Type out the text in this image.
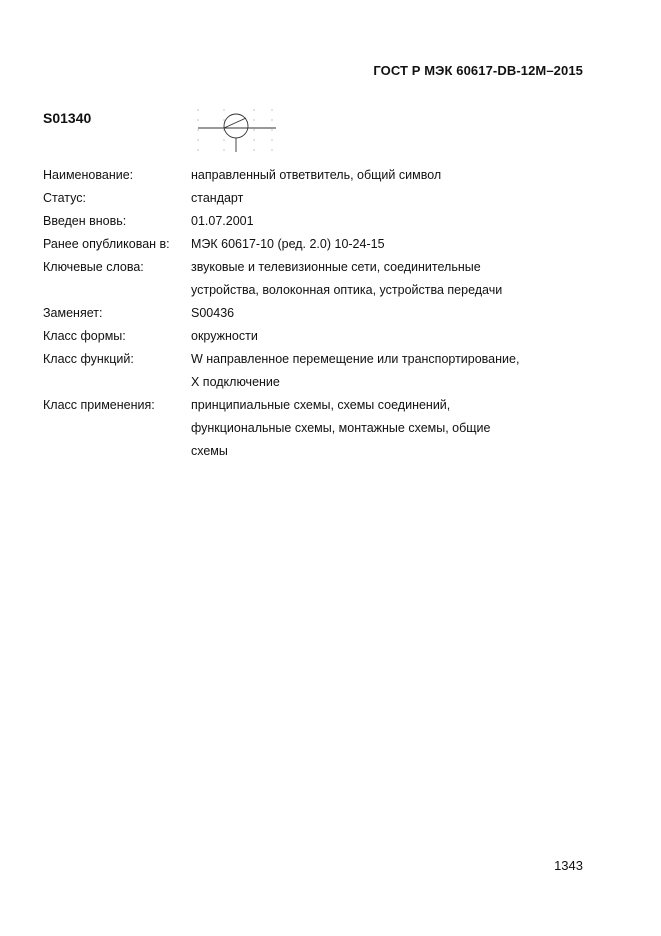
ГОСТ Р МЭК 60617-DB-12M–2015
S01340
Наименование:	направленный ответвитель, общий символ
Статус:	стандарт
Введен вновь:	01.07.2001
Ранее опубликован в:	МЭК 60617-10 (ред. 2.0) 10-24-15
Ключевые слова:	звуковые и телевизионные сети, соединительные
устройства, волоконная оптика, устройства передачи
Заменяет:	S00436
Класс формы:	окружности
Класс функций:	W направленное перемещение или транспортирование,
X подключение
Класс применения:	принципиальные схемы, схемы соединений,
функциональные схемы, монтажные схемы, общие
схемы
1343
